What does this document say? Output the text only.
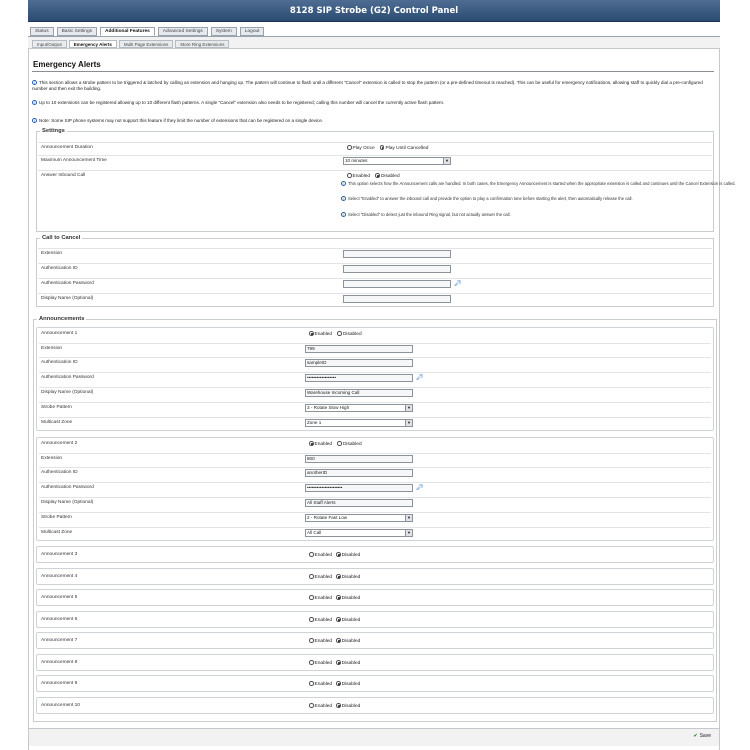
8128 SIP Strobe (G2) Control Panel
Status	Basic Settings	Additional Features	Advanced Settings	System	Logout
Input/Output	Emergency Alerts	Multi Page Extensions	More Ring Extensions
Emergency Alerts
i This section allows a strobe pattern to be triggered & latched by calling an extension and hanging up. The pattern will continue to flash until a different "Cancel" extension is called to stop the pattern (or a pre-defined timeout is reached). This can be useful for emergency notifications, allowing staff to quickly dial a pre-configured number and then exit the building.
i Up to 10 extensions can be registered allowing up to 10 different flash patterns. A single "Cancel" extension also needs to be registered; calling this number will cancel the currently active flash pattern.
i Note: Some SIP phone systems may not support this feature if they limit the number of extensions that can be registered on a single device.
Settings
Announcement Duration	Play Once Play Until Cancelled
Maximum Announcement Time	10 minutes	▼
Answer Inbound Call	Enabled Disabled
i This option selects how the Announcement calls are handled. In both cases, the Emergency Announcement is started when the appropriate extension is called and continues until the Cancel Extension is called.
i Select "Enabled" to answer the inbound call and provide the option to play a confirmation tone before starting the alert, then automatically release the call.
i Select "Disabled" to detect just the inbound Ring signal, but not actually answer the call.
Call to Cancel
Extension
Authentication ID
Authentication Password	🔑︎
Display Name (Optional)
Announcements
Announcement 1	Enabled Disabled
Extension	799
Authentication ID	sampleID
Authentication Password	••••••••••••••••••	🔑︎
Display Name (Optional)	Warehouse Incoming Call
Strobe Pattern	3 - Rotate Slow High	▼
Multicast Zone	Zone 1	▼
Announcement 2	Enabled Disabled
Extension	800
Authentication ID	anotherID
Authentication Password	••••••••••••••••••••••	🔑︎
Display Name (Optional)	All Staff Alerts
Strobe Pattern	2 - Rotate Fast Low	▼
Multicast Zone	All Call	▼
Announcement 3	Enabled Disabled
Announcement 4	Enabled Disabled
Announcement 5	Enabled Disabled
Announcement 6	Enabled Disabled
Announcement 7	Enabled Disabled
Announcement 8	Enabled Disabled
Announcement 9	Enabled Disabled
Announcement 10	Enabled Disabled
✔ Save
